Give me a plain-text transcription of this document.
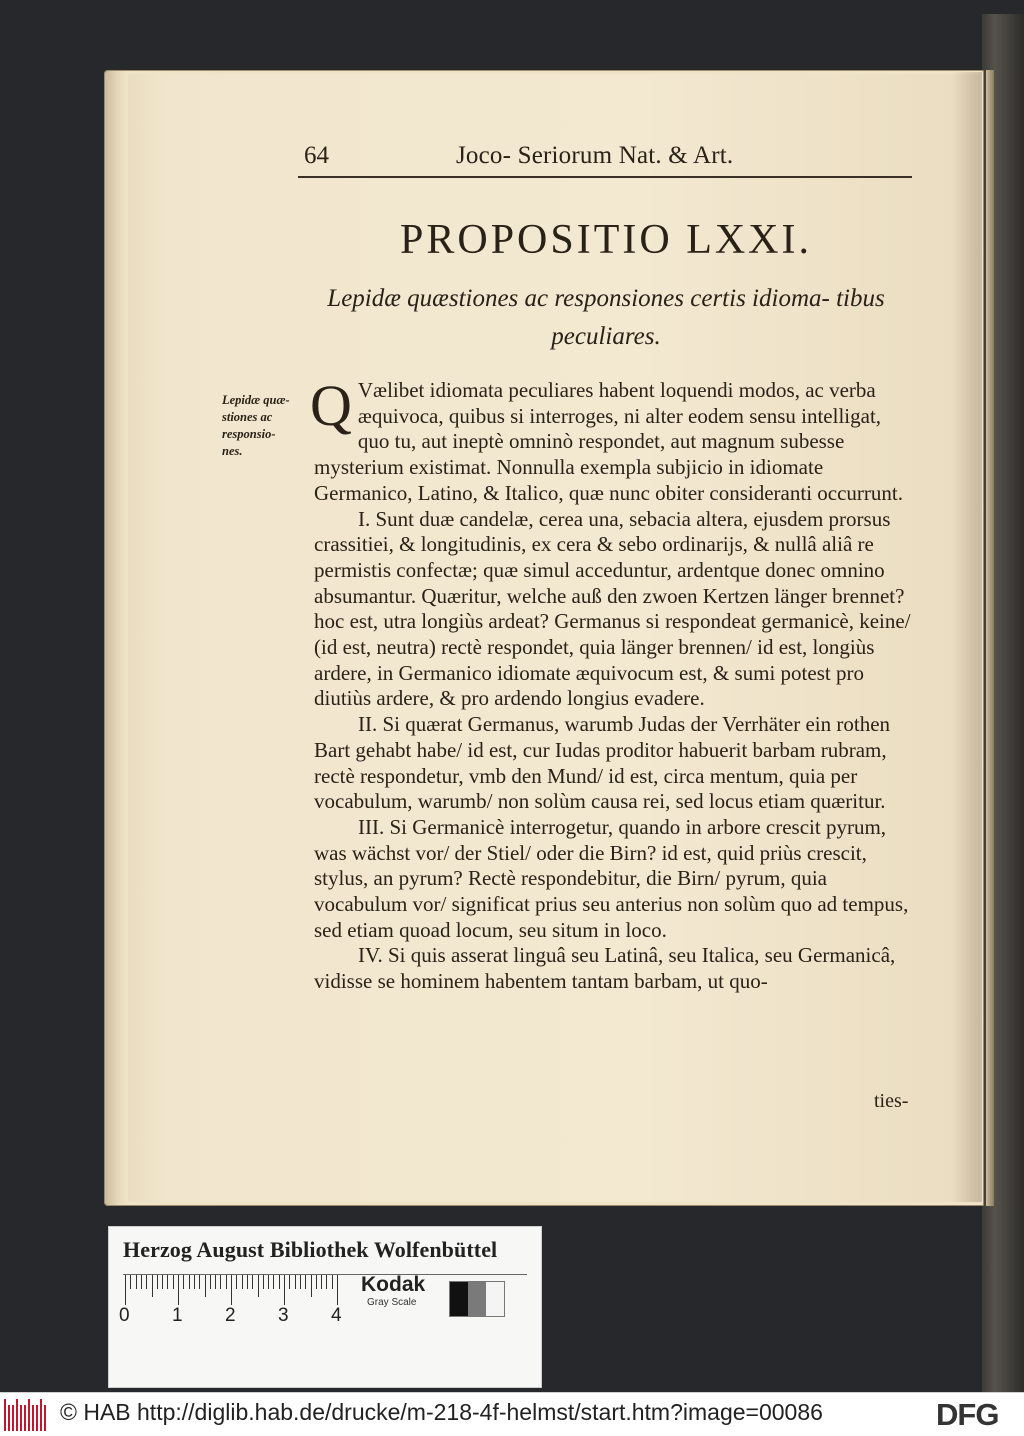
64	Joco- Seriorum Nat. & Art.
PROPOSITIO LXXI.
Lepidæ quæstiones ac responsiones certis idioma- tibus peculiares.
Lepidæ quæ- stiones ac responsio- nes.

Q Vælibet idiomata peculiares habent loquendi modos, ac verba æquivoca, quibus si interroges, ni alter eodem sensu intelligat, quo tu, aut ineptè omninò respondet, aut magnum subesse mysterium existimat. Nonnulla exempla subjicio in idiomate Germanico, Latino, & Italico, quæ nunc obiter consideranti occurrunt.

I. Sunt duæ candelæ, cerea una, sebacia altera, ejusdem prorsus crassitiei, & longitudinis, ex cera & sebo ordinarijs, & nullâ aliâ re permistis confectæ; quæ simul acceduntur, ardentque donec omnino absumantur. Quæritur, welche auß den zwoen Kertzen länger brennet? hoc est, utra longiùs ardeat? Germanus si respondeat germanicè, keine/ (id est, neutra) rectè respondet, quia länger brennen/ id est, longiùs ardere, in Germanico idiomate æquivocum est, & sumi potest pro diutiùs ardere, & pro ardendo longius evadere.

II. Si quærat Germanus, warumb Judas der Verrhäter ein rothen Bart gehabt habe/ id est, cur Iudas proditor habuerit barbam rubram, rectè respondetur, vmb den Mund/ id est, circa mentum, quia per vocabulum, warumb/ non solùm causa rei, sed locus etiam quæritur.

III. Si Germanicè interrogetur, quando in arbore crescit pyrum, was wächst vor/ der Stiel/ oder die Birn? id est, quid priùs crescit, stylus, an pyrum? Rectè respondebitur, die Birn/ pyrum, quia vocabulum vor/ significat prius seu anterius non solùm quo ad tempus, sed etiam quoad locum, seu situm in loco.

IV. Si quis asserat linguâ seu Latinâ, seu Italica, seu Germanicâ, vidisse se hominem habentem tantam barbam, ut quo-

ties-
Herzog August Bibliothek Wolfenbüttel
0 1 2 3 4
Kodak
Gray Scale
© HAB http://diglib.hab.de/drucke/m-218-4f-helmst/start.htm?image=00086	DFG
